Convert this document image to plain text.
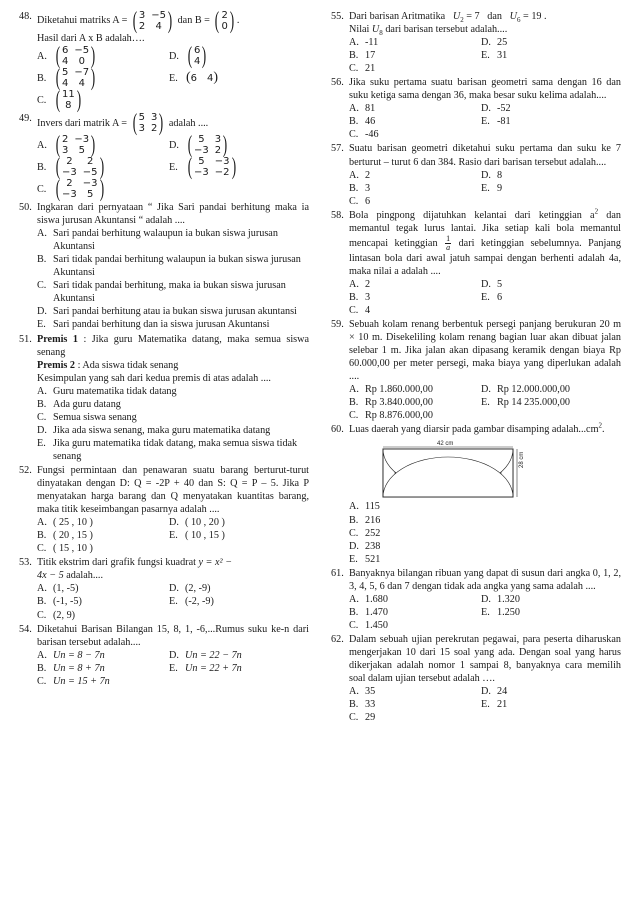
48. Diketahui matriks A =
( 3 −5
2	4 )
dan B =
( 2
0 ) .
Hasil dari A x B adalah….
A. ( 6 −5
4	0 )	D. ( 6
4 )
B. ( 5 −7
4	4 )	E. ( 6 4 )
C. ( 11
8 )
49. Invers dari matrik A =
( 5 3
3 2 )
adalah ....
A. ( 2 −3
3	5 )	D. ( 5	3
−3 2 )
B. ( 2	2
−3 −5 )	E. ( 5	−3
−3 −2 )
C. ( 2	−3
−3	5 )
50. Ingkaran dari pernyataan “ Jika Sari pandai berhitung maka ia siswa jurusan Akuntansi “ adalah ....
A. Sari pandai berhitung walaupun ia bukan siswa jurusan Akuntansi
B. Sari tidak pandai berhitung walaupun ia bukan siswa jurusan Akuntansi
C. Sari tidak pandai berhitung, maka ia bukan siswa jurusan Akuntansi
D. Sari pandai berhitung atau ia bukan siswa jurusan akuntansi
E. Sari pandai berhitung dan ia siswa jurusan Akuntansi
51. Premis 1 : Jika guru Matematika datang, maka semua siswa senang
Premis 2 : Ada siswa tidak senang
Kesimpulan yang sah dari kedua premis di atas adalah ....
A. Guru matematika tidak datang
B. Ada guru datang
C. Semua siswa senang
D. Jika ada siswa senang, maka guru matematika datang
E. Jika guru matematika tidak datang, maka semua siswa tidak senang
52. Fungsi permintaan dan penawaran suatu barang berturut-turut dinyatakan dengan D: Q = -2P + 40 dan S: Q = P – 5. Jika P menyatakan harga barang dan Q menyatakan kuantitas barang, maka titik keseimbangan pasarnya adalah ....
A. ( 25 , 10 )	D. ( 10 , 20 )
B. ( 20 , 15 )	E. ( 10 , 15 )
C. ( 15 , 10 )
53. Titik ekstrim dari grafik fungsi kuadrat y = x² −
4x − 5 adalah....
A. (1, -5)	D. (2, -9)
B. (-1, -5)	E. (-2, -9)
C. (2, 9)
54. Diketahui Barisan Bilangan 15, 8, 1, -6,...Rumus suku ke-n dari barisan tersebut adalah....
A. Un = 8 − 7n	D. Un = 22 − 7n
B. Un = 8 + 7n	E. Un = 22 + 7n
C. Un = 15 + 7n
55. Dari barisan Aritmatika $U_2 = 7$ dan $U_6 = 19$ .
Nilai $U_8$ dari barisan tersebut adalah....
A. -11	D. 25
B. 17	E. 31
C. 21
56. Jika suku pertama suatu barisan geometri sama dengan 16 dan suku ketiga sama dengan 36, maka besar suku kelima adalah....
A. 81	D. -52
B. 46	E. -81
C. -46
57. Suatu barisan geometri diketahui suku pertama dan suku ke 7 berturut – turut 6 dan 384. Rasio dari barisan tersebut adalah....
A. 2	D. 8
B. 3	E. 9
C. 6
58. Bola pingpong dijatuhkan kelantai dari ketinggian $a^2$ dan memantul tegak lurus lantai. Jika setiap kali bola memantul mencapai ketinggian $\frac{1}{a}$ dari ketinggian sebelumnya. Panjang lintasan bola dari awal jatuh sampai dengan berhenti adalah 4a, maka nilai a adalah ....
A. 2	D. 5
B. 3	E. 6
C. 4
59. Sebuah kolam renang berbentuk persegi panjang berukuran 20 m × 10 m. Disekeliling kolam renang bagian luar akan dibuat jalan selebar 1 m. Jika jalan akan dipasang keramik dengan biaya Rp 60.000,00 per meter persegi, maka biaya yang diperlukan adalah ....
A. Rp 1.860.000,00	D. Rp 12.000.000,00
B. Rp 3.840.000,00	E. Rp 14 235.000,00
C. Rp 8.876.000,00
60. Luas daerah yang diarsir pada gambar disamping $adalah...cm^2$.
42 cm
28 cm
A. 115
B. 216
C. 252
D. 238
E. 521
61. Banyaknya bilangan ribuan yang dapat di susun dari angka 0, 1, 2, 3, 4, 5, 6 dan 7 dengan tidak ada angka yang sama adalah ....
A. 1.680	D. 1.320
B. 1.470	E. 1.250
C. 1.450
62. Dalam sebuah ujian perekrutan pegawai, para peserta diharuskan mengerjakan 10 dari 15 soal yang ada. Dengan soal yang harus dikerjakan adalah nomor 1 sampai 8, banyaknya cara memilih soal dalam ujian tersebut adalah ….
A. 35	D. 24
B. 33	E. 21
C. 29
